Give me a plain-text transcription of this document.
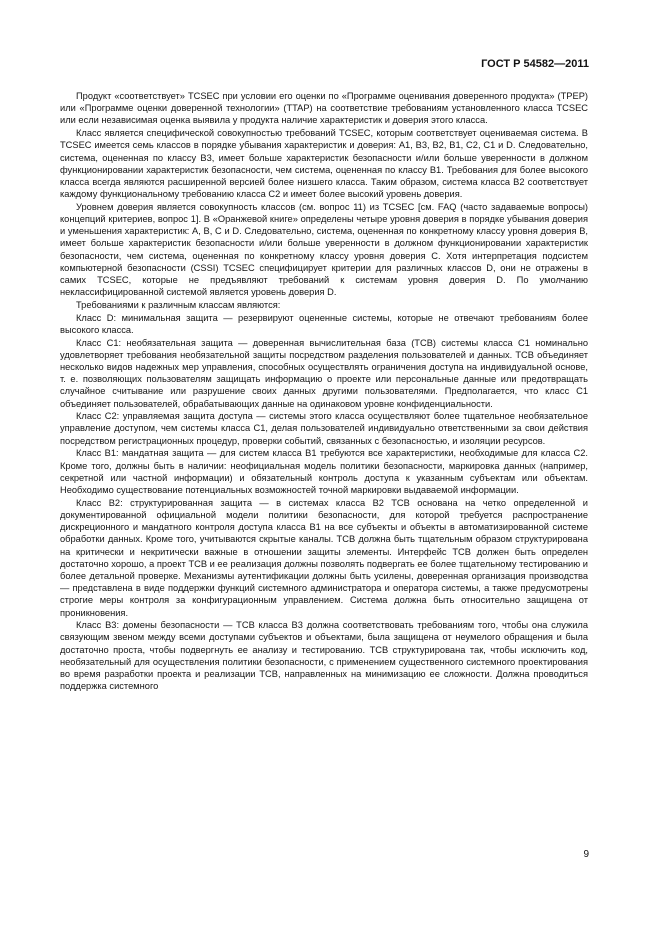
ГОСТ Р 54582—2011

Продукт «соответствует» TCSEC при условии его оценки по «Программе оценивания доверенного продукта» (TPEP) или «Программе оценки доверенной технологии» (TTAP) на соответствие требованиям установленного класса TCSEC или если независимая оценка выявила у продукта наличие характеристик и доверия этого класса.

Класс является специфической совокупностью требований TCSEC, которым соответствует оцениваемая система. В TCSEC имеется семь классов в порядке убывания характеристик и доверия: A1, B3, B2, B1, C2, C1 и D. Следовательно, система, оцененная по классу B3, имеет больше характеристик безопасности и/или больше уверенности в должном функционировании характеристик безопасности, чем система, оцененная по классу B1. Требования для более высокого класса всегда являются расширенной версией более низшего класса. Таким образом, система класса B2 соответствует каждому функциональному требованию класса C2 и имеет более высокий уровень доверия.

Уровнем доверия является совокупность классов (см. вопрос 11) из TCSEC [см. FAQ (часто задаваемые вопросы) концепций критериев, вопрос 1]. В «Оранжевой книге» определены четыре уровня доверия в порядке убывания доверия и уменьшения характеристик: A, B, C и D. Следовательно, система, оцененная по конкретному классу уровня доверия B, имеет больше характеристик безопасности и/или больше уверенности в должном функционировании характеристик безопасности, чем система, оцененная по конкретному классу уровня доверия C. Хотя интерпретация подсистем компьютерной безопасности (CSSI) TCSEC специфицирует критерии для различных классов D, они не отражены в самих TCSEC, которые не предъявляют требований к системам уровня доверия D. По умолчанию неклассифицированной системой является уровень доверия D.

Требованиями к различным классам являются:

Класс D: минимальная защита — резервируют оцененные системы, которые не отвечают требованиям более высокого класса.

Класс C1: необязательная защита — доверенная вычислительная база (TCB) системы класса C1 номинально удовлетворяет требования необязательной защиты посредством разделения пользователей и данных. TCB объединяет несколько видов надежных мер управления, способных осуществлять ограничения доступа на индивидуальной основе, т. е. позволяющих пользователям защищать информацию о проекте или персональные данные или предотвращать случайное считывание или разрушение своих данных другими пользователями. Предполагается, что класс C1 объединяет пользователей, обрабатывающих данные на одинаковом уровне конфиденциальности.

Класс C2: управляемая защита доступа — системы этого класса осуществляют более тщательное необязательное управление доступом, чем системы класса C1, делая пользователей индивидуально ответственными за свои действия посредством регистрационных процедур, проверки событий, связанных с безопасностью, и изоляции ресурсов.

Класс B1: мандатная защита — для систем класса B1 требуются все характеристики, необходимые для класса C2. Кроме того, должны быть в наличии: неофициальная модель политики безопасности, маркировка данных (например, секретной или частной информации) и обязательный контроль доступа к указанным субъектам или объектам. Необходимо существование потенциальных возможностей точной маркировки выдаваемой информации.

Класс B2: структурированная защита — в системах класса B2 TCB основана на четко определенной и документированной официальной модели политики безопасности, для которой требуется распространение дискреционного и мандатного контроля доступа класса B1 на все субъекты и объекты в автоматизированной системе обработки данных. Кроме того, учитываются скрытые каналы. TCB должна быть тщательным образом структурирована на критически и некритически важные в отношении защиты элементы. Интерфейс TCB должен быть определен достаточно хорошо, а проект TCB и ее реализация должны позволять подвергать ее более тщательному тестированию и более детальной проверке. Механизмы аутентификации должны быть усилены, доверенная организация производства — представлена в виде поддержки функций системного администратора и оператора системы, а также предусмотрены строгие меры контроля за конфигурационным управлением. Система должна быть относительно защищена от проникновения.

Класс B3: домены безопасности — TCB класса B3 должна соответствовать требованиям того, чтобы она служила связующим звеном между всеми доступами субъектов и объектами, была защищена от неумелого обращения и была достаточно проста, чтобы подвергнуть ее анализу и тестированию. TCB структурирована так, чтобы исключить код, необязательный для осуществления политики безопасности, с применением существенного системного проектирования во время разработки проекта и реализации TCB, направленных на минимизацию ее сложности. Должна проводиться поддержка системного

9
